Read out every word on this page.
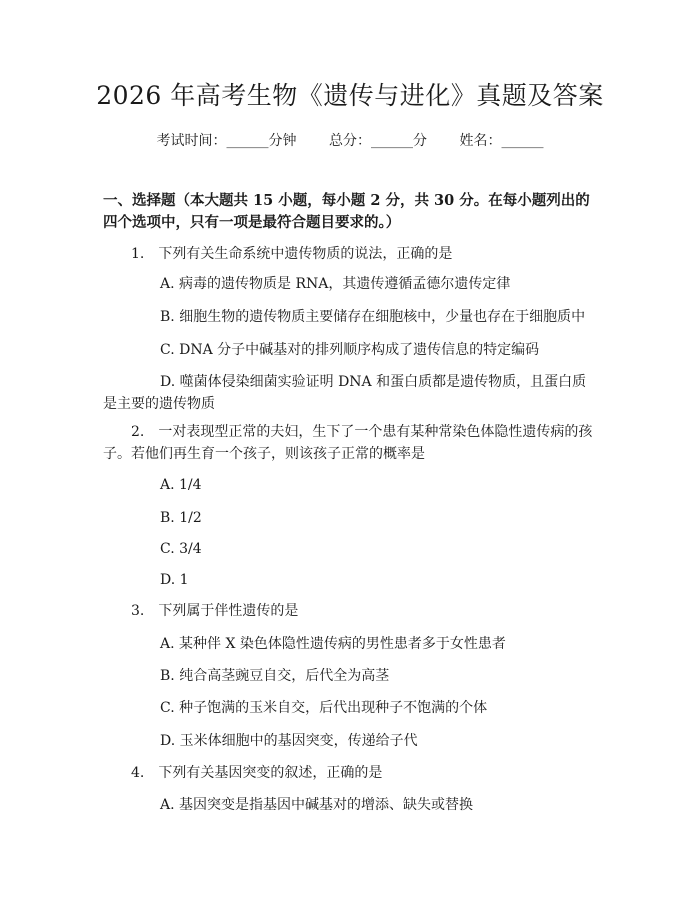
2026 年高考生物《遗传与进化》真题及答案
考试时间：______分钟 总分：______分 姓名：______
一、选择题（本大题共 15 小题，每小题 2 分，共 30 分。在每小题列出的四个选项中，只有一项是最符合题目要求的。）
1.　下列有关生命系统中遗传物质的说法，正确的是
A. 病毒的遗传物质是 RNA，其遗传遵循孟德尔遗传定律
B. 细胞生物的遗传物质主要储存在细胞核中，少量也存在于细胞质中
C. DNA 分子中碱基对的排列顺序构成了遗传信息的特定编码
D. 噬菌体侵染细菌实验证明 DNA 和蛋白质都是遗传物质，且蛋白质是主要的遗传物质
2.　一对表现型正常的夫妇，生下了一个患有某种常染色体隐性遗传病的孩子。若他们再生育一个孩子，则该孩子正常的概率是
A. 1/4
B. 1/2
C. 3/4
D. 1
3.　下列属于伴性遗传的是
A. 某种伴 X 染色体隐性遗传病的男性患者多于女性患者
B. 纯合高茎豌豆自交，后代全为高茎
C. 种子饱满的玉米自交，后代出现种子不饱满的个体
D. 玉米体细胞中的基因突变，传递给子代
4.　下列有关基因突变的叙述，正确的是
A. 基因突变是指基因中碱基对的增添、缺失或替换
